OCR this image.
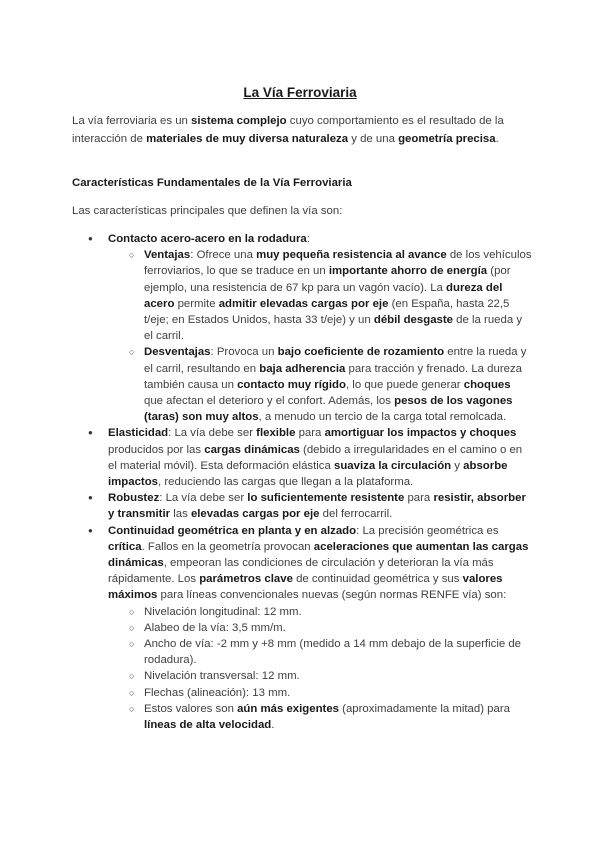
La Vía Ferroviaria

La vía ferroviaria es un sistema complejo cuyo comportamiento es el resultado de la interacción de materiales de muy diversa naturaleza y de una geometría precisa.

Características Fundamentales de la Vía Ferroviaria

Las características principales que definen la vía son:

● Contacto acero-acero en la rodadura:
○ Ventajas: Ofrece una muy pequeña resistencia al avance de los vehículos ferroviarios, lo que se traduce en un importante ahorro de energía (por ejemplo, una resistencia de 67 kp para un vagón vacío). La dureza del acero permite admitir elevadas cargas por eje (en España, hasta 22,5 t/eje; en Estados Unidos, hasta 33 t/eje) y un débil desgaste de la rueda y el carril.
○ Desventajas: Provoca un bajo coeficiente de rozamiento entre la rueda y el carril, resultando en baja adherencia para tracción y frenado. La dureza también causa un contacto muy rígido, lo que puede generar choques que afectan el deterioro y el confort. Además, los pesos de los vagones (taras) son muy altos, a menudo un tercio de la carga total remolcada.
● Elasticidad: La vía debe ser flexible para amortiguar los impactos y choques producidos por las cargas dinámicas (debido a irregularidades en el camino o en el material móvil). Esta deformación elástica suaviza la circulación y absorbe impactos, reduciendo las cargas que llegan a la plataforma.
● Robustez: La vía debe ser lo suficientemente resistente para resistir, absorber y transmitir las elevadas cargas por eje del ferrocarril.
● Continuidad geométrica en planta y en alzado: La precisión geométrica es crítica. Fallos en la geometría provocan aceleraciones que aumentan las cargas dinámicas, empeoran las condiciones de circulación y deterioran la vía más rápidamente. Los parámetros clave de continuidad geométrica y sus valores máximos para líneas convencionales nuevas (según normas RENFE vía) son:
○ Nivelación longitudinal: 12 mm.
○ Alabeo de la vía: 3,5 mm/m.
○ Ancho de vía: -2 mm y +8 mm (medido a 14 mm debajo de la superficie de rodadura).
○ Nivelación transversal: 12 mm.
○ Flechas (alineación): 13 mm.
○ Estos valores son aún más exigentes (aproximadamente la mitad) para líneas de alta velocidad.
